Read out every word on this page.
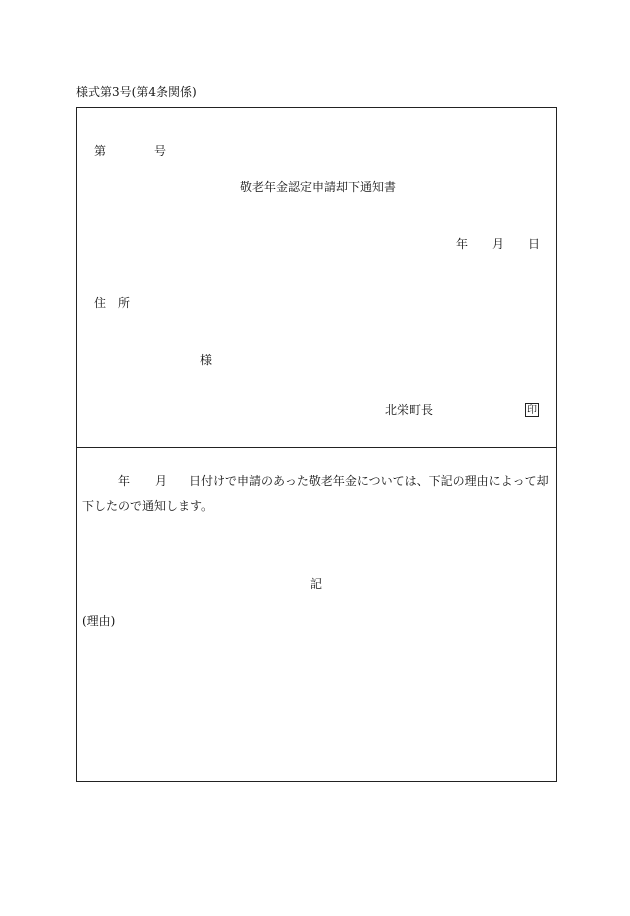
様式第3号(第4条関係)
第	号
敬老年金認定申請却下通知書
年 月 日
住　所
様
北栄町長	印
年 月 日付けで申請のあった敬老年金については、下記の理由によって却
下したので通知します。
記
(理由)
